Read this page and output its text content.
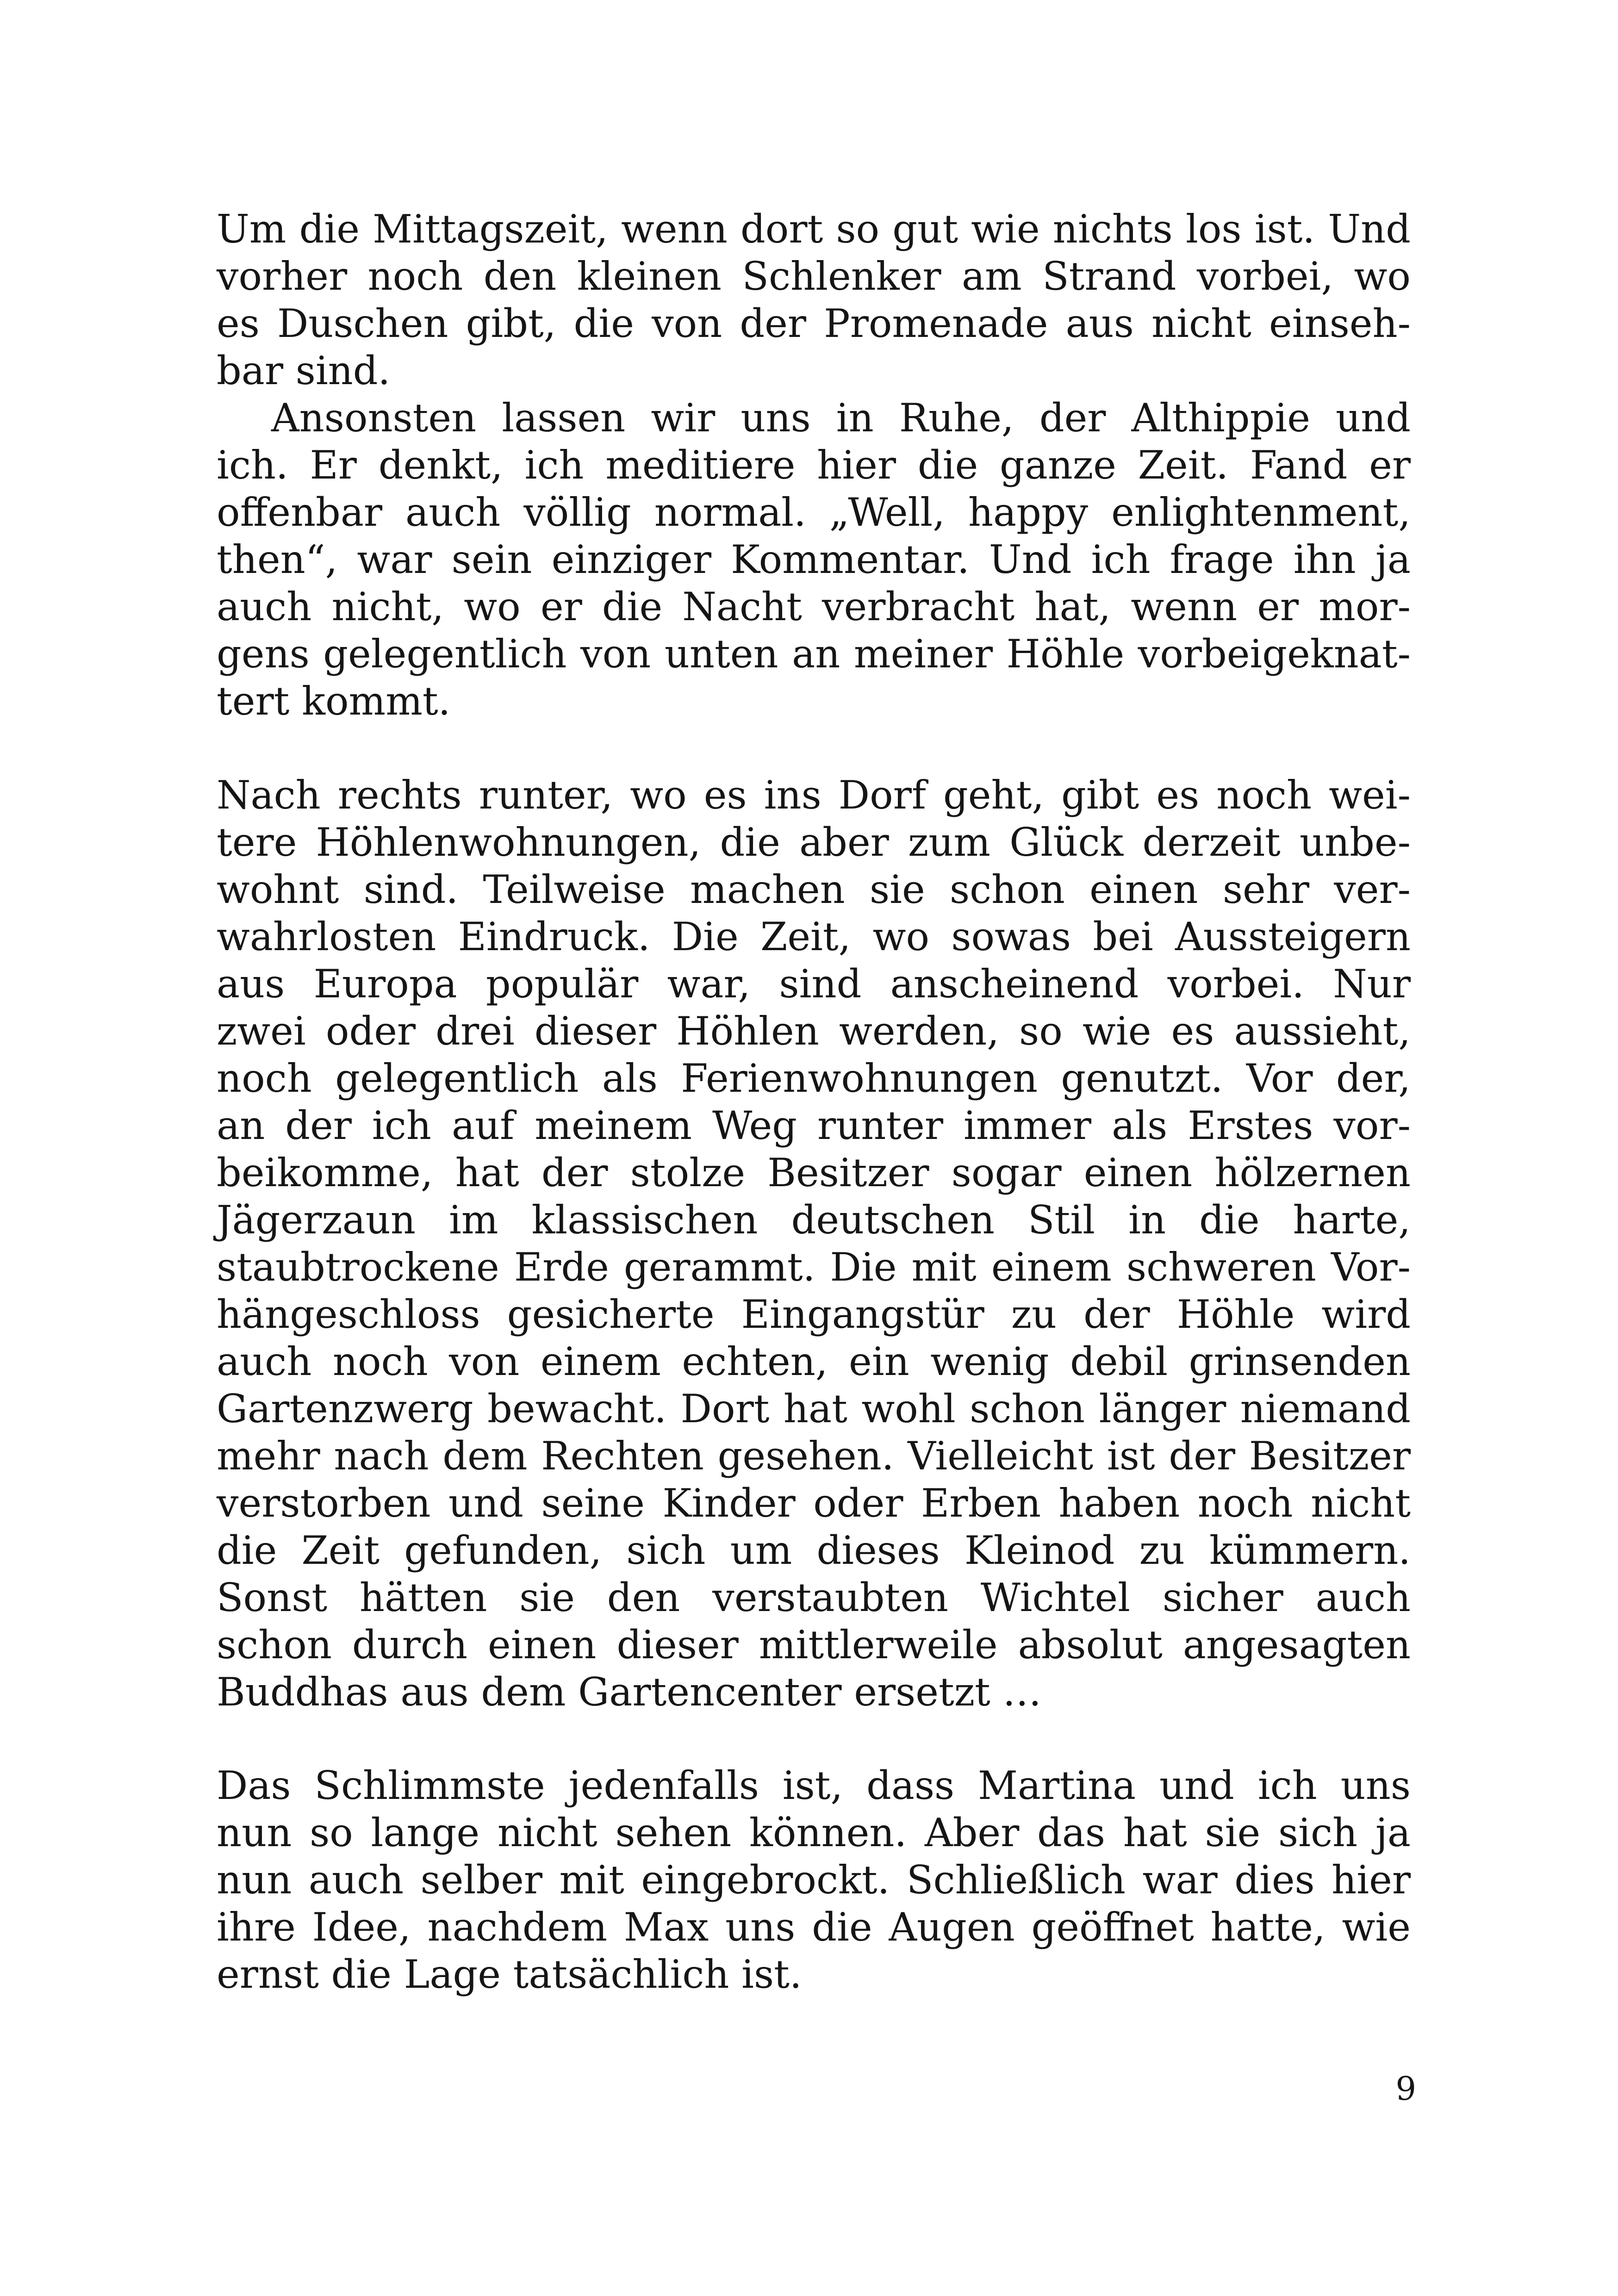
Um die Mittagszeit, wenn dort so gut wie nichts los ist. Und
vorher noch den kleinen Schlenker am Strand vorbei, wo
es Duschen gibt, die von der Promenade aus nicht einseh-
bar sind.
Ansonsten lassen wir uns in Ruhe, der Althippie und
ich. Er denkt, ich meditiere hier die ganze Zeit. Fand er
offenbar auch völlig normal. „Well, happy enlightenment,
then“, war sein einziger Kommentar. Und ich frage ihn ja
auch nicht, wo er die Nacht verbracht hat, wenn er mor-
gens gelegentlich von unten an meiner Höhle vorbeigeknat-
tert kommt.
Nach rechts runter, wo es ins Dorf geht, gibt es noch wei-
tere Höhlenwohnungen, die aber zum Glück derzeit unbe-
wohnt sind. Teilweise machen sie schon einen sehr ver-
wahrlosten Eindruck. Die Zeit, wo sowas bei Aussteigern
aus Europa populär war, sind anscheinend vorbei. Nur
zwei oder drei dieser Höhlen werden, so wie es aussieht,
noch gelegentlich als Ferienwohnungen genutzt. Vor der,
an der ich auf meinem Weg runter immer als Erstes vor-
beikomme, hat der stolze Besitzer sogar einen hölzernen
Jägerzaun im klassischen deutschen Stil in die harte,
staubtrockene Erde gerammt. Die mit einem schweren Vor-
hängeschloss gesicherte Eingangstür zu der Höhle wird
auch noch von einem echten, ein wenig debil grinsenden
Gartenzwerg bewacht. Dort hat wohl schon länger niemand
mehr nach dem Rechten gesehen. Vielleicht ist der Besitzer
verstorben und seine Kinder oder Erben haben noch nicht
die Zeit gefunden, sich um dieses Kleinod zu kümmern.
Sonst hätten sie den verstaubten Wichtel sicher auch
schon durch einen dieser mittlerweile absolut angesagten
Buddhas aus dem Gartencenter ersetzt …
Das Schlimmste jedenfalls ist, dass Martina und ich uns
nun so lange nicht sehen können. Aber das hat sie sich ja
nun auch selber mit eingebrockt. Schließlich war dies hier
ihre Idee, nachdem Max uns die Augen geöffnet hatte, wie
ernst die Lage tatsächlich ist.
9
